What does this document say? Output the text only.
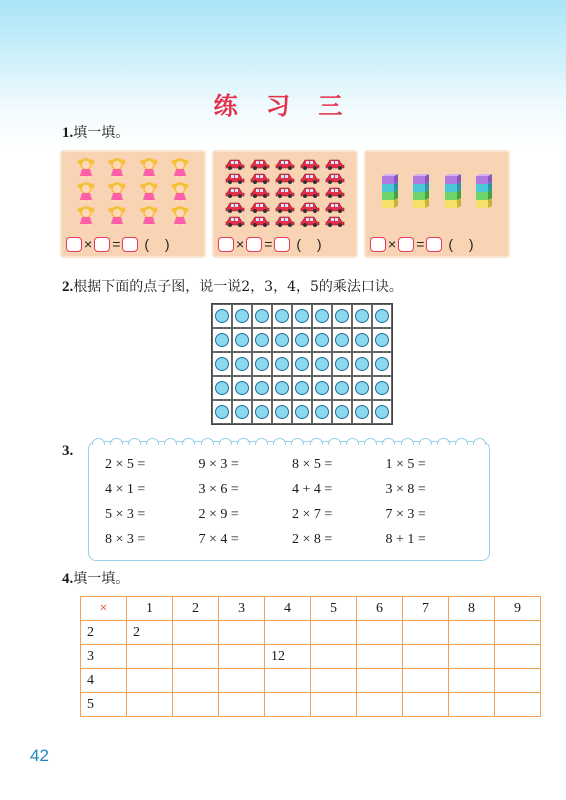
练 习 三
1.填一填。
× = ( )	× = ( )	× = ( )
2.根据下面的点子图，说一说2，3，4，5的乘法口诀。
3.
2 × 5 =	9 × 3 =	8 × 5 =	1 × 5 =
4 × 1 =	3 × 6 =	4 + 4 =	3 × 8 =
5 × 3 =	2 × 9 =	2 × 7 =	7 × 3 =
8 × 3 =	7 × 4 =	2 × 8 =	8 + 1 =
4.填一填。
×	1	2	3	4	5	6	7	8	9
2	2								
3				12					
4									
5									
42
